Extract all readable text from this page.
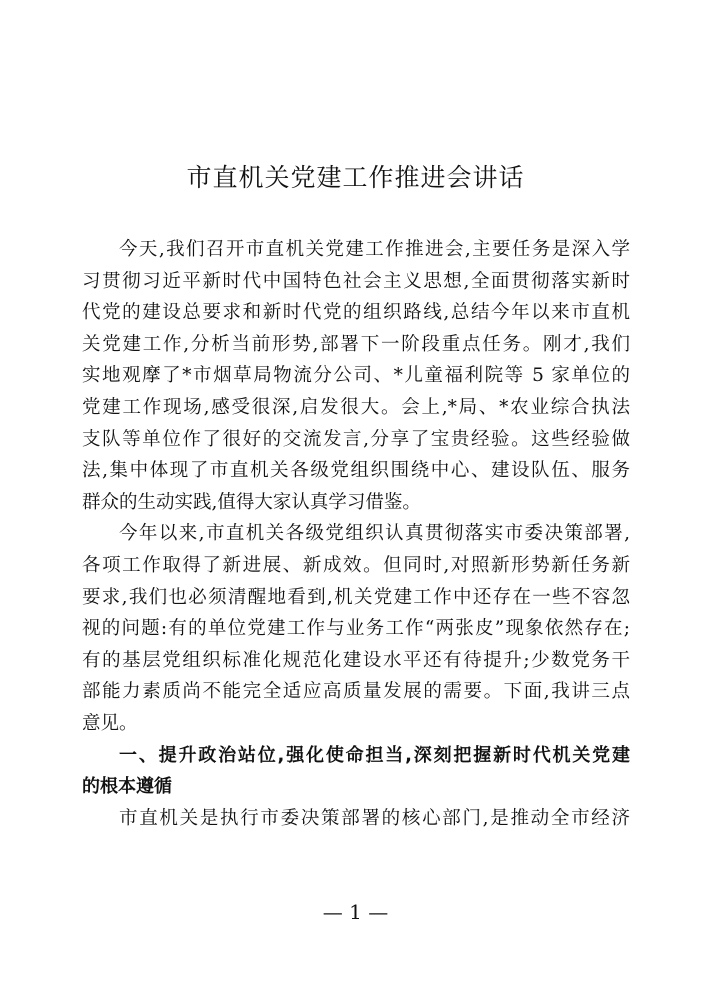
市直机关党建工作推进会讲话
今天,我们召开市直机关党建工作推进会,主要任务是深入学
习贯彻习近平新时代中国特色社会主义思想,全面贯彻落实新时
代党的建设总要求和新时代党的组织路线,总结今年以来市直机
关党建工作,分析当前形势,部署下一阶段重点任务。刚才,我们
实地观摩了*市烟草局物流分公司、*儿童福利院等 5 家单位的
党建工作现场,感受很深,启发很大。会上,*局、*农业综合执法
支队等单位作了很好的交流发言,分享了宝贵经验。这些经验做
法,集中体现了市直机关各级党组织围绕中心、建设队伍、服务
群众的生动实践,值得大家认真学习借鉴。
今年以来,市直机关各级党组织认真贯彻落实市委决策部署,
各项工作取得了新进展、新成效。但同时,对照新形势新任务新
要求,我们也必须清醒地看到,机关党建工作中还存在一些不容忽
视的问题:有的单位党建工作与业务工作“两张皮”现象依然存在;
有的基层党组织标准化规范化建设水平还有待提升;少数党务干
部能力素质尚不能完全适应高质量发展的需要。下面,我讲三点
意见。
一、提升政治站位,强化使命担当,深刻把握新时代机关党建
的根本遵循
市直机关是执行市委决策部署的核心部门,是推动全市经济
— 1 —
